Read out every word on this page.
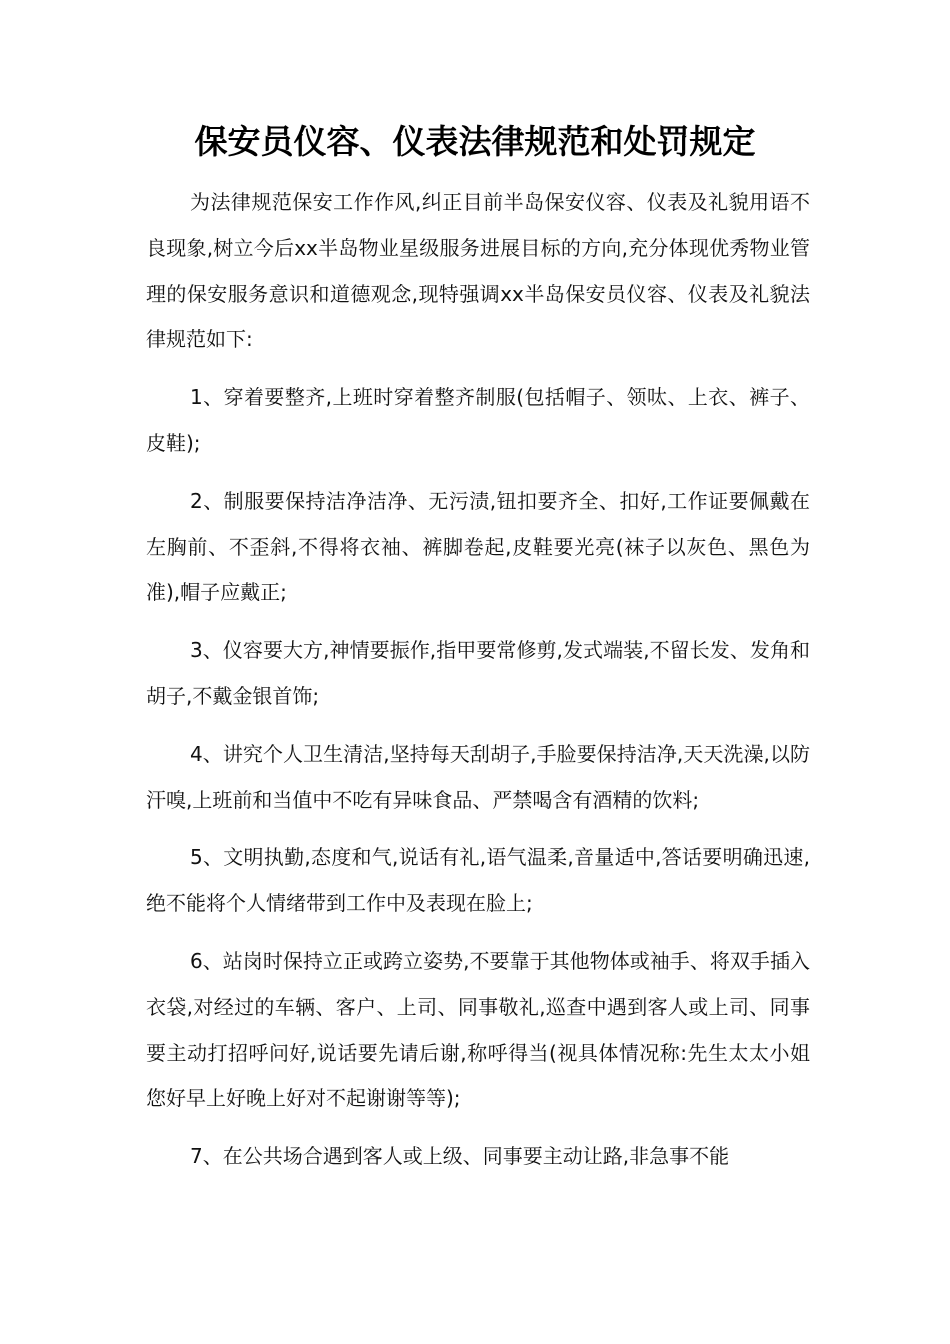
保安员仪容、仪表法律规范和处罚规定

为法律规范保安工作作风,纠正目前半岛保安仪容、仪表及礼貌用语不良现象,树立今后xx半岛物业星级服务进展目标的方向,充分体现优秀物业管理的保安服务意识和道德观念,现特强调xx半岛保安员仪容、仪表及礼貌法律规范如下:

1、穿着要整齐,上班时穿着整齐制服(包括帽子、领呔、上衣、裤子、皮鞋);

2、制服要保持洁净洁净、无污渍,钮扣要齐全、扣好,工作证要佩戴在左胸前、不歪斜,不得将衣袖、裤脚卷起,皮鞋要光亮(袜子以灰色、黑色为准),帽子应戴正;

3、仪容要大方,神情要振作,指甲要常修剪,发式端装,不留长发、发角和胡子,不戴金银首饰;

4、讲究个人卫生清洁,坚持每天刮胡子,手脸要保持洁净,天天洗澡,以防汗嗅,上班前和当值中不吃有异味食品、严禁喝含有酒精的饮料;

5、文明执勤,态度和气,说话有礼,语气温柔,音量适中,答话要明确迅速,绝不能将个人情绪带到工作中及表现在脸上;

6、站岗时保持立正或跨立姿势,不要靠于其他物体或袖手、将双手插入衣袋,对经过的车辆、客户、上司、同事敬礼,巡查中遇到客人或上司、同事要主动打招呼问好,说话要先请后谢,称呼得当(视具体情况称:先生太太小姐您好早上好晚上好对不起谢谢等等);

7、在公共场合遇到客人或上级、同事要主动让路,非急事不能
